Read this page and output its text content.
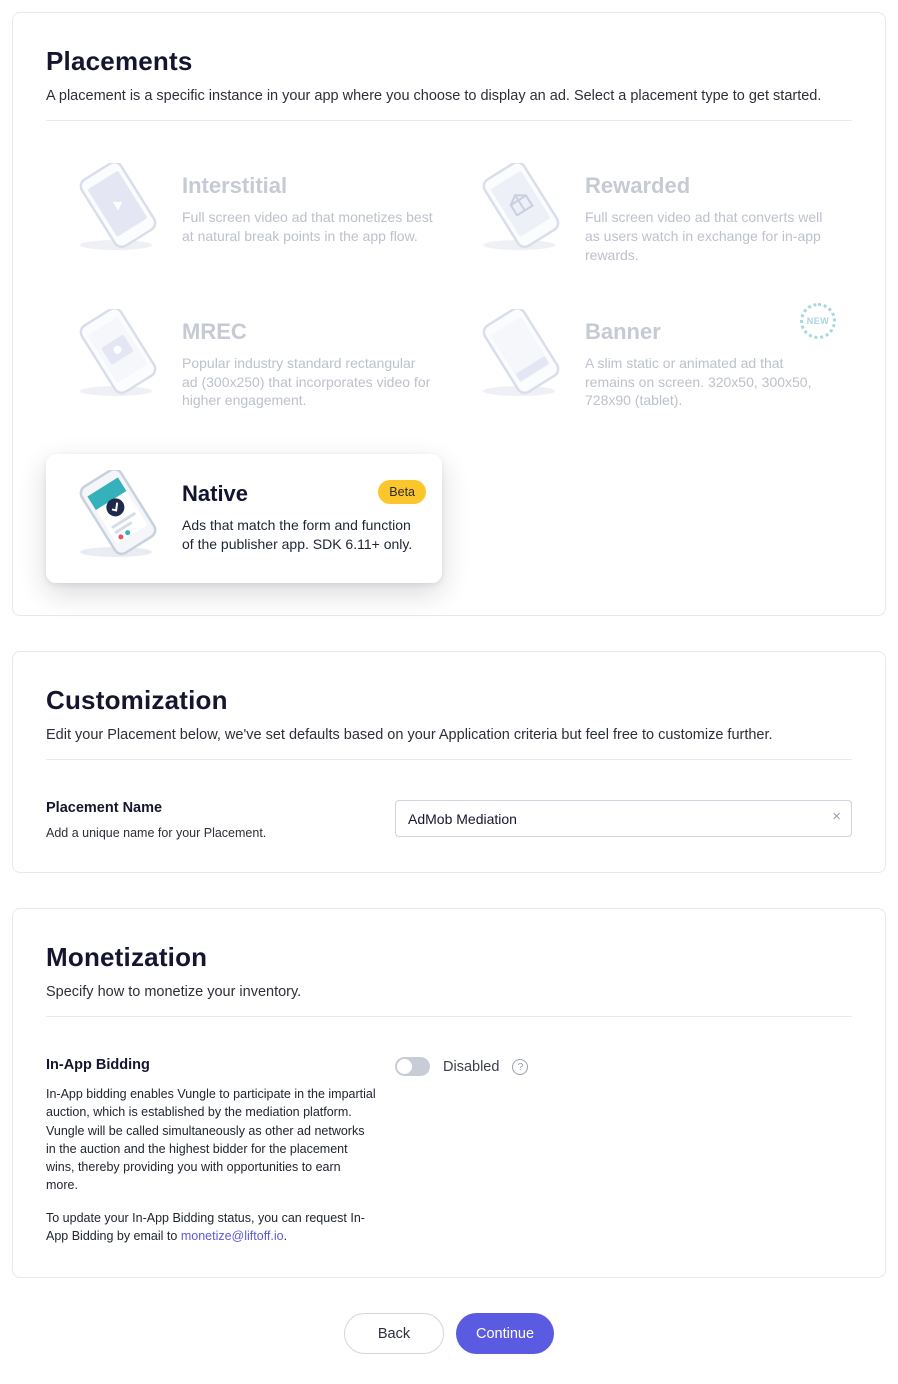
Placements

A placement is a specific instance in your app where you choose to display an ad. Select a placement type to get started.

Interstitial

Full screen video ad that monetizes best at natural break points in the app flow.

Rewarded

Full screen video ad that converts well as users watch in exchange for in-app rewards.

MREC

Popular industry standard rectangular ad (300x250) that incorporates video for higher engagement.

Banner

A slim static or animated ad that remains on screen. 320x50, 300x50, 728x90 (tablet).

NEW
Native

Ads that match the form and function of the publisher app. SDK 6.11+ only.

Beta
Customization

Edit your Placement below, we've set defaults based on your Application criteria but feel free to customize further.

Placement Name
Add a unique name for your Placement.
AdMob Mediation
×
Monetization

Specify how to monetize your inventory.

In-App Bidding

In-App bidding enables Vungle to participate in the impartial auction, which is established by the mediation platform. Vungle will be called simultaneously as other ad networks in the auction and the highest bidder for the placement wins, thereby providing you with opportunities to earn more.

To update your In-App Bidding status, you can request In-App Bidding by email to monetize@liftoff.io.

Disabled	?
Back	Continue
